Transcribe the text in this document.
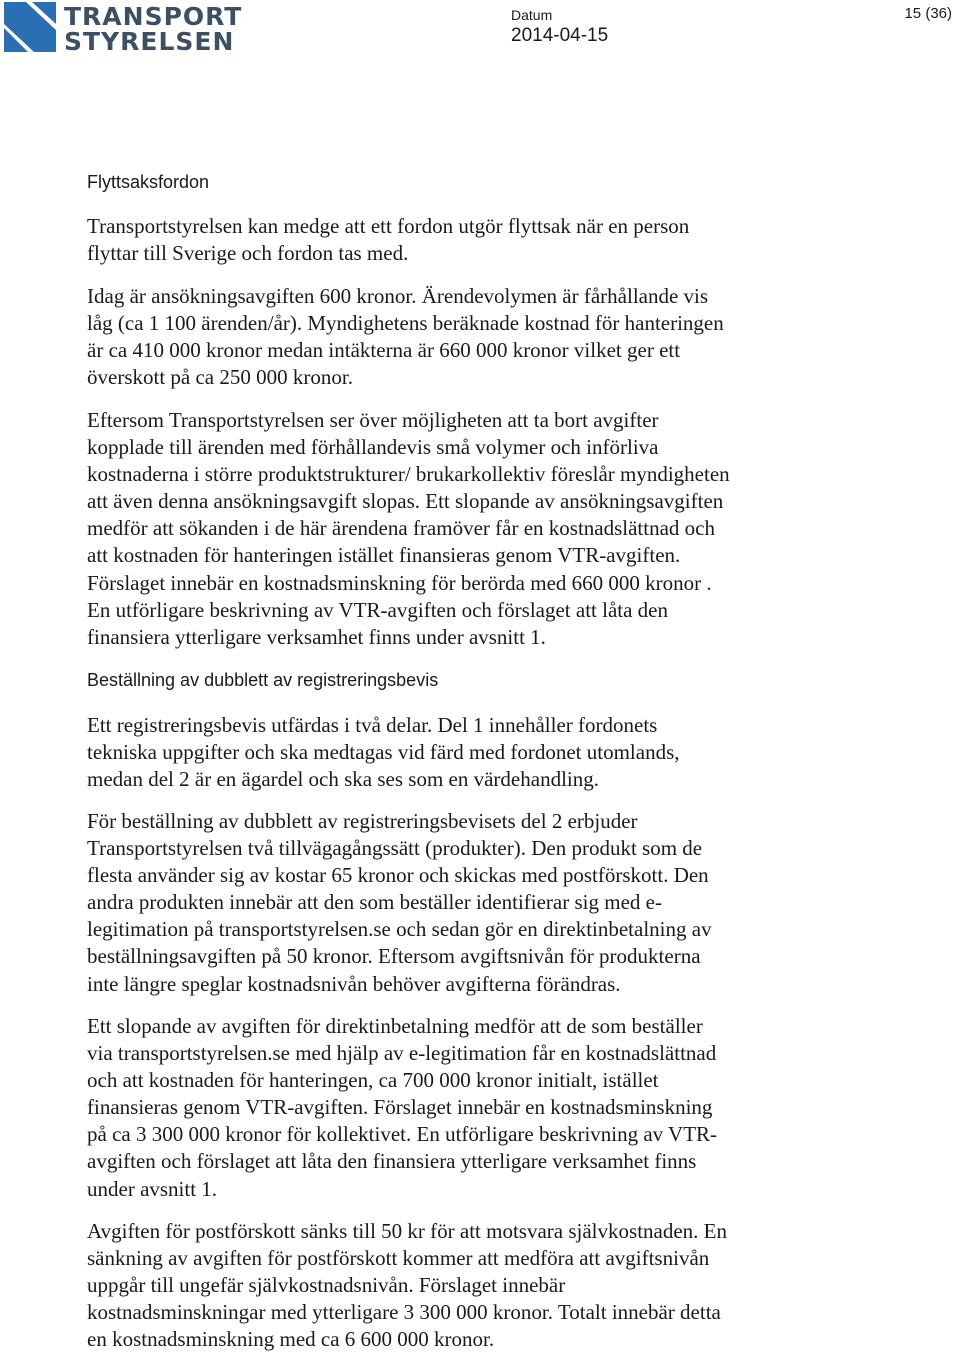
TRANSPORT
STYRELSEN
Datum
2014-04-15
15 (36)
Flyttsaksfordon
Transportstyrelsen kan medge att ett fordon utgör flyttsak när en person
flyttar till Sverige och fordon tas med.
Idag är ansökningsavgiften 600 kronor. Ärendevolymen är fårhållande vis
låg (ca 1 100 ärenden/år). Myndighetens beräknade kostnad för hanteringen
är ca 410 000 kronor medan intäkterna är 660 000 kronor vilket ger ett
överskott på ca 250 000 kronor.
Eftersom Transportstyrelsen ser över möjligheten att ta bort avgifter
kopplade till ärenden med förhållandevis små volymer och införliva
kostnaderna i större produktstrukturer/ brukarkollektiv föreslår myndigheten
att även denna ansökningsavgift slopas. Ett slopande av ansökningsavgiften
medför att sökanden i de här ärendena framöver får en kostnadslättnad och
att kostnaden för hanteringen istället finansieras genom VTR-avgiften.
Förslaget innebär en kostnadsminskning för berörda med 660 000 kronor .
En utförligare beskrivning av VTR-avgiften och förslaget att låta den
finansiera ytterligare verksamhet finns under avsnitt 1.
Beställning av dubblett av registreringsbevis
Ett registreringsbevis utfärdas i två delar. Del 1 innehåller fordonets
tekniska uppgifter och ska medtagas vid färd med fordonet utomlands,
medan del 2 är en ägardel och ska ses som en värdehandling.
För beställning av dubblett av registreringsbevisets del 2 erbjuder
Transportstyrelsen två tillvägagångssätt (produkter). Den produkt som de
flesta använder sig av kostar 65 kronor och skickas med postförskott. Den
andra produkten innebär att den som beställer identifierar sig med e-
legitimation på transportstyrelsen.se och sedan gör en direktinbetalning av
beställningsavgiften på 50 kronor. Eftersom avgiftsnivån för produkterna
inte längre speglar kostnadsnivån behöver avgifterna förändras.
Ett slopande av avgiften för direktinbetalning medför att de som beställer
via transportstyrelsen.se med hjälp av e-legitimation får en kostnadslättnad
och att kostnaden för hanteringen, ca 700 000 kronor initialt, istället
finansieras genom VTR-avgiften. Förslaget innebär en kostnadsminskning
på ca 3 300 000 kronor för kollektivet. En utförligare beskrivning av VTR-
avgiften och förslaget att låta den finansiera ytterligare verksamhet finns
under avsnitt 1.
Avgiften för postförskott sänks till 50 kr för att motsvara självkostnaden. En
sänkning av avgiften för postförskott kommer att medföra att avgiftsnivån
uppgår till ungefär självkostnadsnivån. Förslaget innebär
kostnadsminskningar med ytterligare 3 300 000 kronor. Totalt innebär detta
en kostnadsminskning med ca 6 600 000 kronor.
